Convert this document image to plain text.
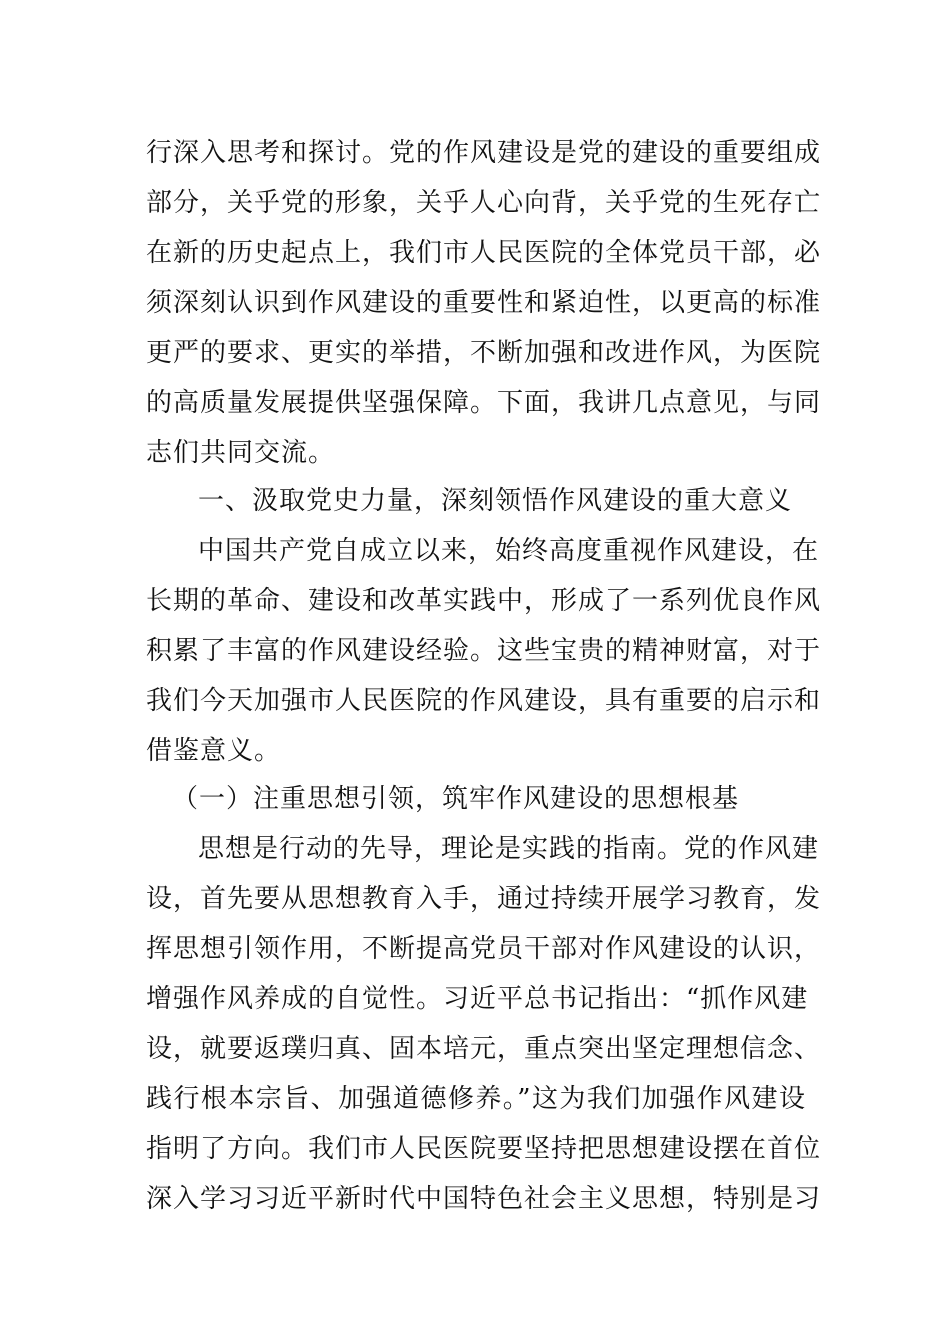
行深入思考和探讨。党的作风建设是党的建设的重要组成
部分，关乎党的形象，关乎人心向背，关乎党的生死存亡
在新的历史起点上，我们市人民医院的全体党员干部，必
须深刻认识到作风建设的重要性和紧迫性，以更高的标准
更严的要求、更实的举措，不断加强和改进作风，为医院
的高质量发展提供坚强保障。下面，我讲几点意见，与同
志们共同交流。
一、汲取党史力量，深刻领悟作风建设的重大意义
中国共产党自成立以来，始终高度重视作风建设，在
长期的革命、建设和改革实践中，形成了一系列优良作风
积累了丰富的作风建设经验。这些宝贵的精神财富，对于
我们今天加强市人民医院的作风建设，具有重要的启示和
借鉴意义。
（一）注重思想引领，筑牢作风建设的思想根基
思想是行动的先导，理论是实践的指南。党的作风建
设，首先要从思想教育入手，通过持续开展学习教育，发
挥思想引领作用，不断提高党员干部对作风建设的认识，
增强作风养成的自觉性。习近平总书记指出：“抓作风建
设，就要返璞归真、固本培元，重点突出坚定理想信念、
践行根本宗旨、加强道德修养。”这为我们加强作风建设
指明了方向。我们市人民医院要坚持把思想建设摆在首位
深入学习习近平新时代中国特色社会主义思想，特别是习
